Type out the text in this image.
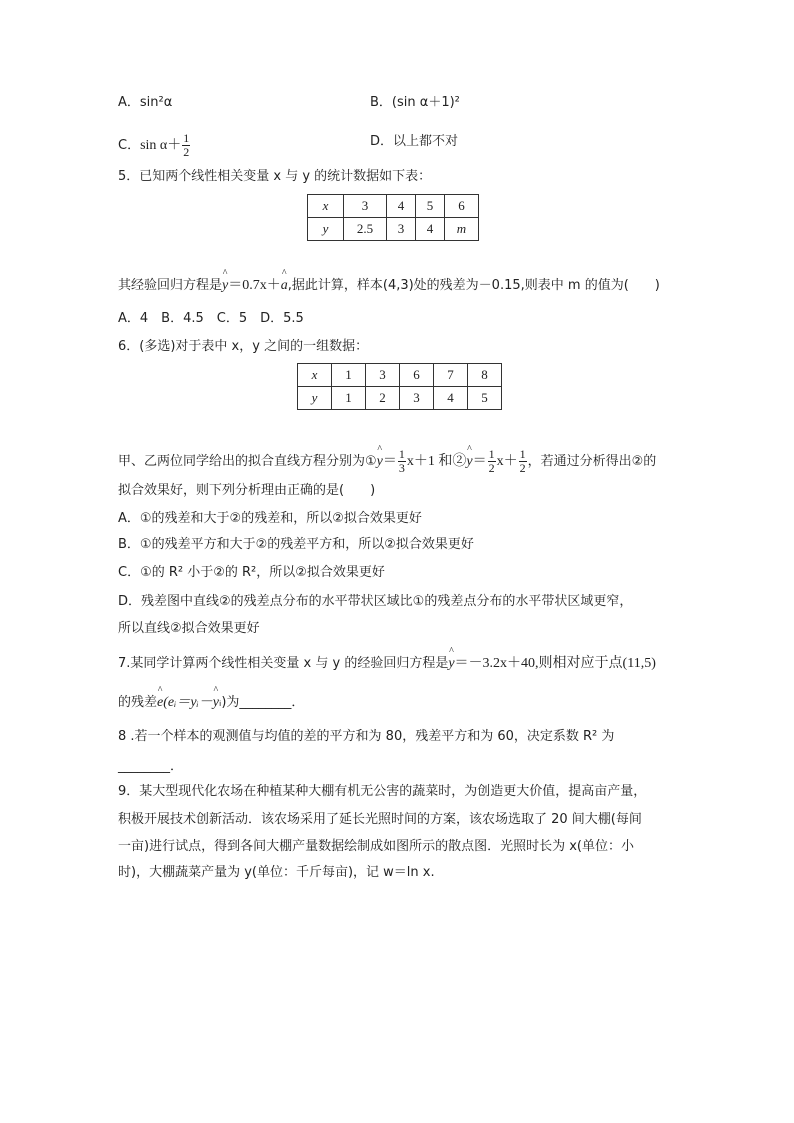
A．sin²α	B．(sin α＋1)²
C．$\sin \alpha+ \frac{1}{2}$	D．以上都不对
5．已知两个线性相关变量 x 与 y 的统计数据如下表：
x	3	4	5	6
y	2.5	3	4	m
其经验回归方程是^ y＝0.7x＋^ a,据此计算，样本(4,3)处的残差为－0.15,则表中 m 的值为(　　)
A．4　B．4.5　C．5　D．5.5
6．(多选)对于表中 x，y 之间的一组数据：
x	1	3	6	7	8
y	1	2	3	4	5
甲、乙两位同学给出的拟合直线方程分别为①^ $y= \frac{1}{3} x+1$ 和②^ $y= \frac{1}{2} x+ \frac{1}{2}$ ，若通过分析得出②的
拟合效果好，则下列分析理由正确的是(　　)
A．①的残差和大于②的残差和，所以②拟合效果更好
B．①的残差平方和大于②的残差平方和，所以②拟合效果更好
C．①的 R² 小于②的 R²，所以②拟合效果更好
D．残差图中直线②的残差点分布的水平带状区域比①的残差点分布的水平带状区域更窄，
所以直线②拟合效果更好
7.某同学计算两个线性相关变量 x 与 y 的经验回归方程是^ y＝－3.2x＋40,则相对应于点(11,5)
的残差^ e(eᵢ＝yᵢ－^ yᵢ)为________．
8 .若一个样本的观测值与均值的差的平方和为 80，残差平方和为 60，决定系数 R² 为
________．
9．某大型现代化农场在种植某种大棚有机无公害的蔬菜时，为创造更大价值，提高亩产量，
积极开展技术创新活动．该农场采用了延长光照时间的方案，该农场选取了 20 间大棚(每间
一亩)进行试点，得到各间大棚产量数据绘制成如图所示的散点图．光照时长为 x(单位：小
时)，大棚蔬菜产量为 y(单位：千斤每亩)，记 w＝ln x.
